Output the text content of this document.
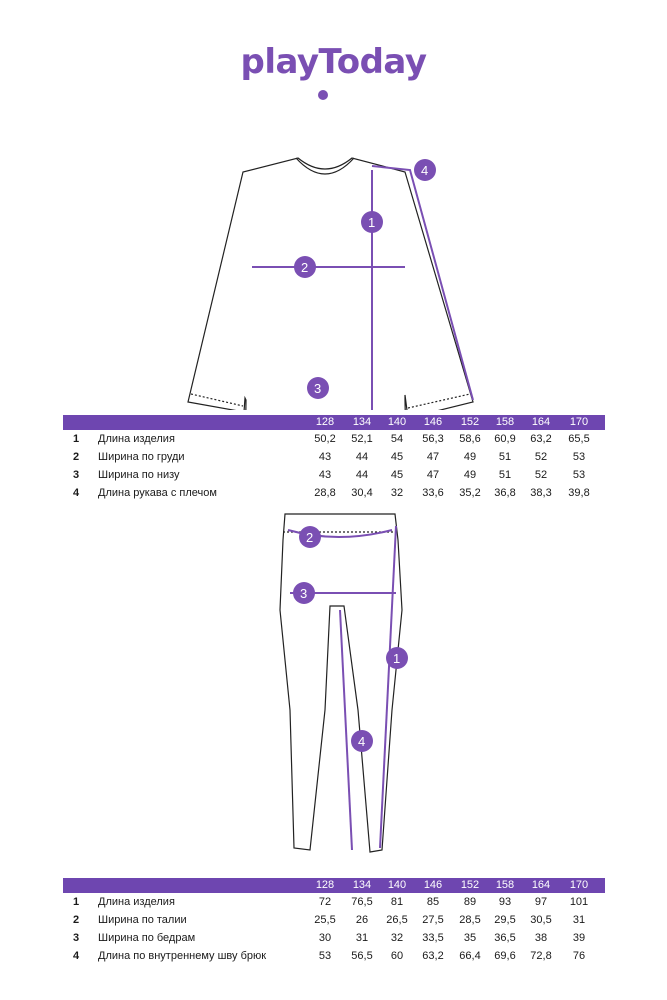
playToday
1
2
3
4
128	134	140	146	152	158	164	170
1 Длина изделия	50,2	52,1	54	56,3	58,6	60,9	63,2	65,5
2 Ширина по груди	43	44	45	47	49	51	52	53
3 Ширина по низу	43	44	45	47	49	51	52	53
4 Длина рукава с плечом	28,8	30,4	32	33,6	35,2	36,8	38,3	39,8
2
3
1
4
128	134	140	146	152	158	164	170
1 Длина изделия	72	76,5	81	85	89	93	97	101
2 Ширина по талии	25,5	26	26,5	27,5	28,5	29,5	30,5	31
3 Ширина по бедрам	30	31	32	33,5	35	36,5	38	39
4 Длина по внутреннему шву брюк	53	56,5	60	63,2	66,4	69,6	72,8	76
